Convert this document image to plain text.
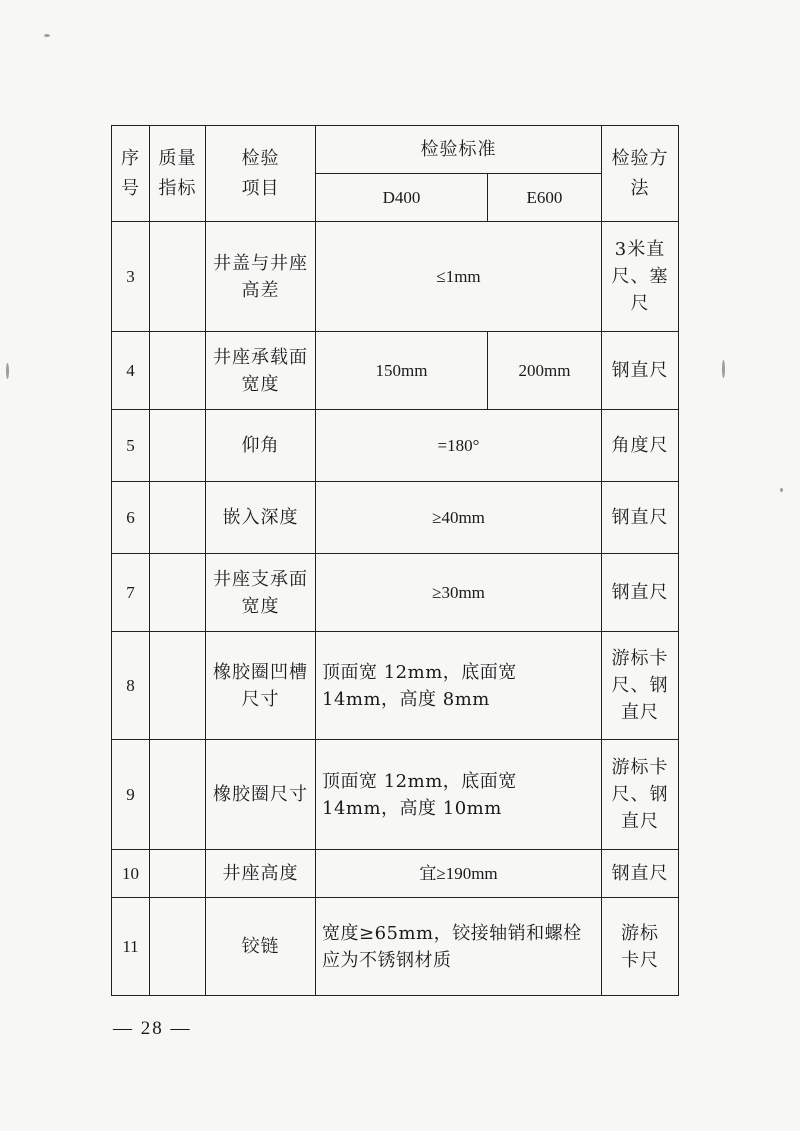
序号	质量指标	检验项目	检验标准		检验方法

			D400	E600	
3		井盖与井座高差	≤1mm		3米直尺、塞尺

4		井座承载面宽度	150mm	200mm	钢直尺
5		仰角	=180°		角度尺
6		嵌入深度	≥40mm		钢直尺
7		井座支承面宽度	≥30mm		钢直尺
8		橡胶圈凹槽尺寸	顶面宽 12mm，底面宽 14mm，高度 8mm		游标卡尺、钢直尺

9		橡胶圈尺寸	顶面宽 12mm，底面宽 14mm，高度 10mm		游标卡尺、钢直尺

10		井座高度	宜≥190mm		钢直尺
11		铰链	宽度≥65mm，铰接轴销和螺栓应为不锈钢材质		游标卡尺
— 28 —
